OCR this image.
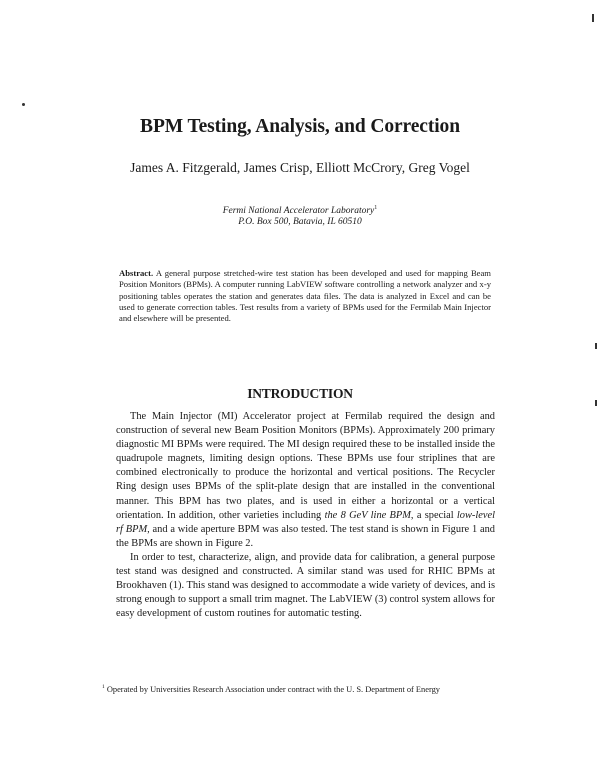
BPM Testing, Analysis, and Correction
James A. Fitzgerald, James Crisp, Elliott McCrory, Greg Vogel
Fermi National Accelerator Laboratory$^1$
P.O. Box 500, Batavia, IL 60510
Abstract. A general purpose stretched-wire test station has been developed and used for mapping Beam Position Monitors (BPMs). A computer running LabVIEW software controlling a network analyzer and x-y positioning tables operates the station and generates data files. The data is analyzed in Excel and can be used to generate correction tables. Test results from a variety of BPMs used for the Fermilab Main Injector and elsewhere will be presented.
INTRODUCTION

The Main Injector (MI) Accelerator project at Fermilab required the design and construction of several new Beam Position Monitors (BPMs). Approximately 200 primary diagnostic MI BPMs were required. The MI design required these to be installed inside the quadrupole magnets, limiting design options. These BPMs use four striplines that are combined electronically to produce the horizontal and vertical positions. The Recycler Ring design uses BPMs of the split-plate design that are installed in the conventional manner. This BPM has two plates, and is used in either a horizontal or a vertical orientation. In addition, other varieties including the 8 GeV line BPM, a special low-level rf BPM, and a wide aperture BPM was also tested. The test stand is shown in Figure 1 and the BPMs are shown in Figure 2.

In order to test, characterize, align, and provide data for calibration, a general purpose test stand was designed and constructed. A similar stand was used for RHIC BPMs at Brookhaven (1). This stand was designed to accommodate a wide variety of devices, and is strong enough to support a small trim magnet. The LabVIEW (3) control system allows for easy development of custom routines for automatic testing.

$^1$ Operated by Universities Research Association under contract with the U. S. Department of Energy
